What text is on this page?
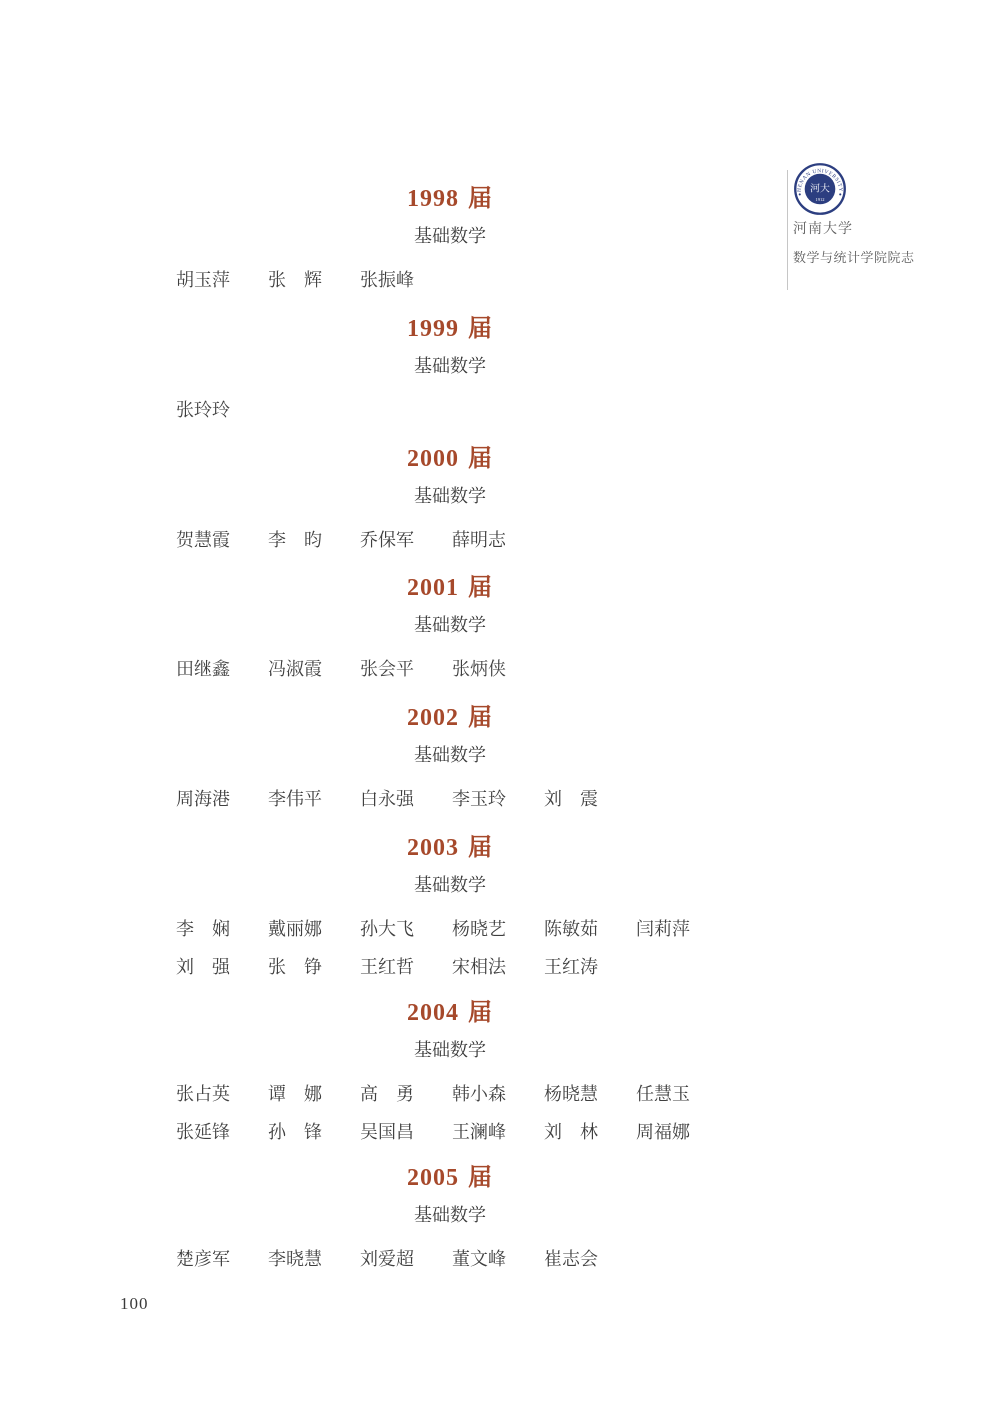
HENAN UNIVERSITY
河大
1912
河南大学
数学与统计学院院志
1998 届
基础数学
胡玉萍 张　辉 张振峰
1999 届
基础数学
张玲玲
2000 届
基础数学
贺慧霞 李　昀 乔保军 薛明志
2001 届
基础数学
田继鑫 冯淑霞 张会平 张炳侠
2002 届
基础数学
周海港 李伟平 白永强 李玉玲 刘　震
2003 届
基础数学
李　娴 戴丽娜 孙大飞 杨晓艺 陈敏茹 闫莉萍
刘　强 张　铮 王红哲 宋相法 王红涛
2004 届
基础数学
张占英 谭　娜 高　勇 韩小森 杨晓慧 任慧玉
张延锋 孙　锋 吴国昌 王澜峰 刘　林 周福娜
2005 届
基础数学
楚彦军 李晓慧 刘爱超 董文峰 崔志会
100
